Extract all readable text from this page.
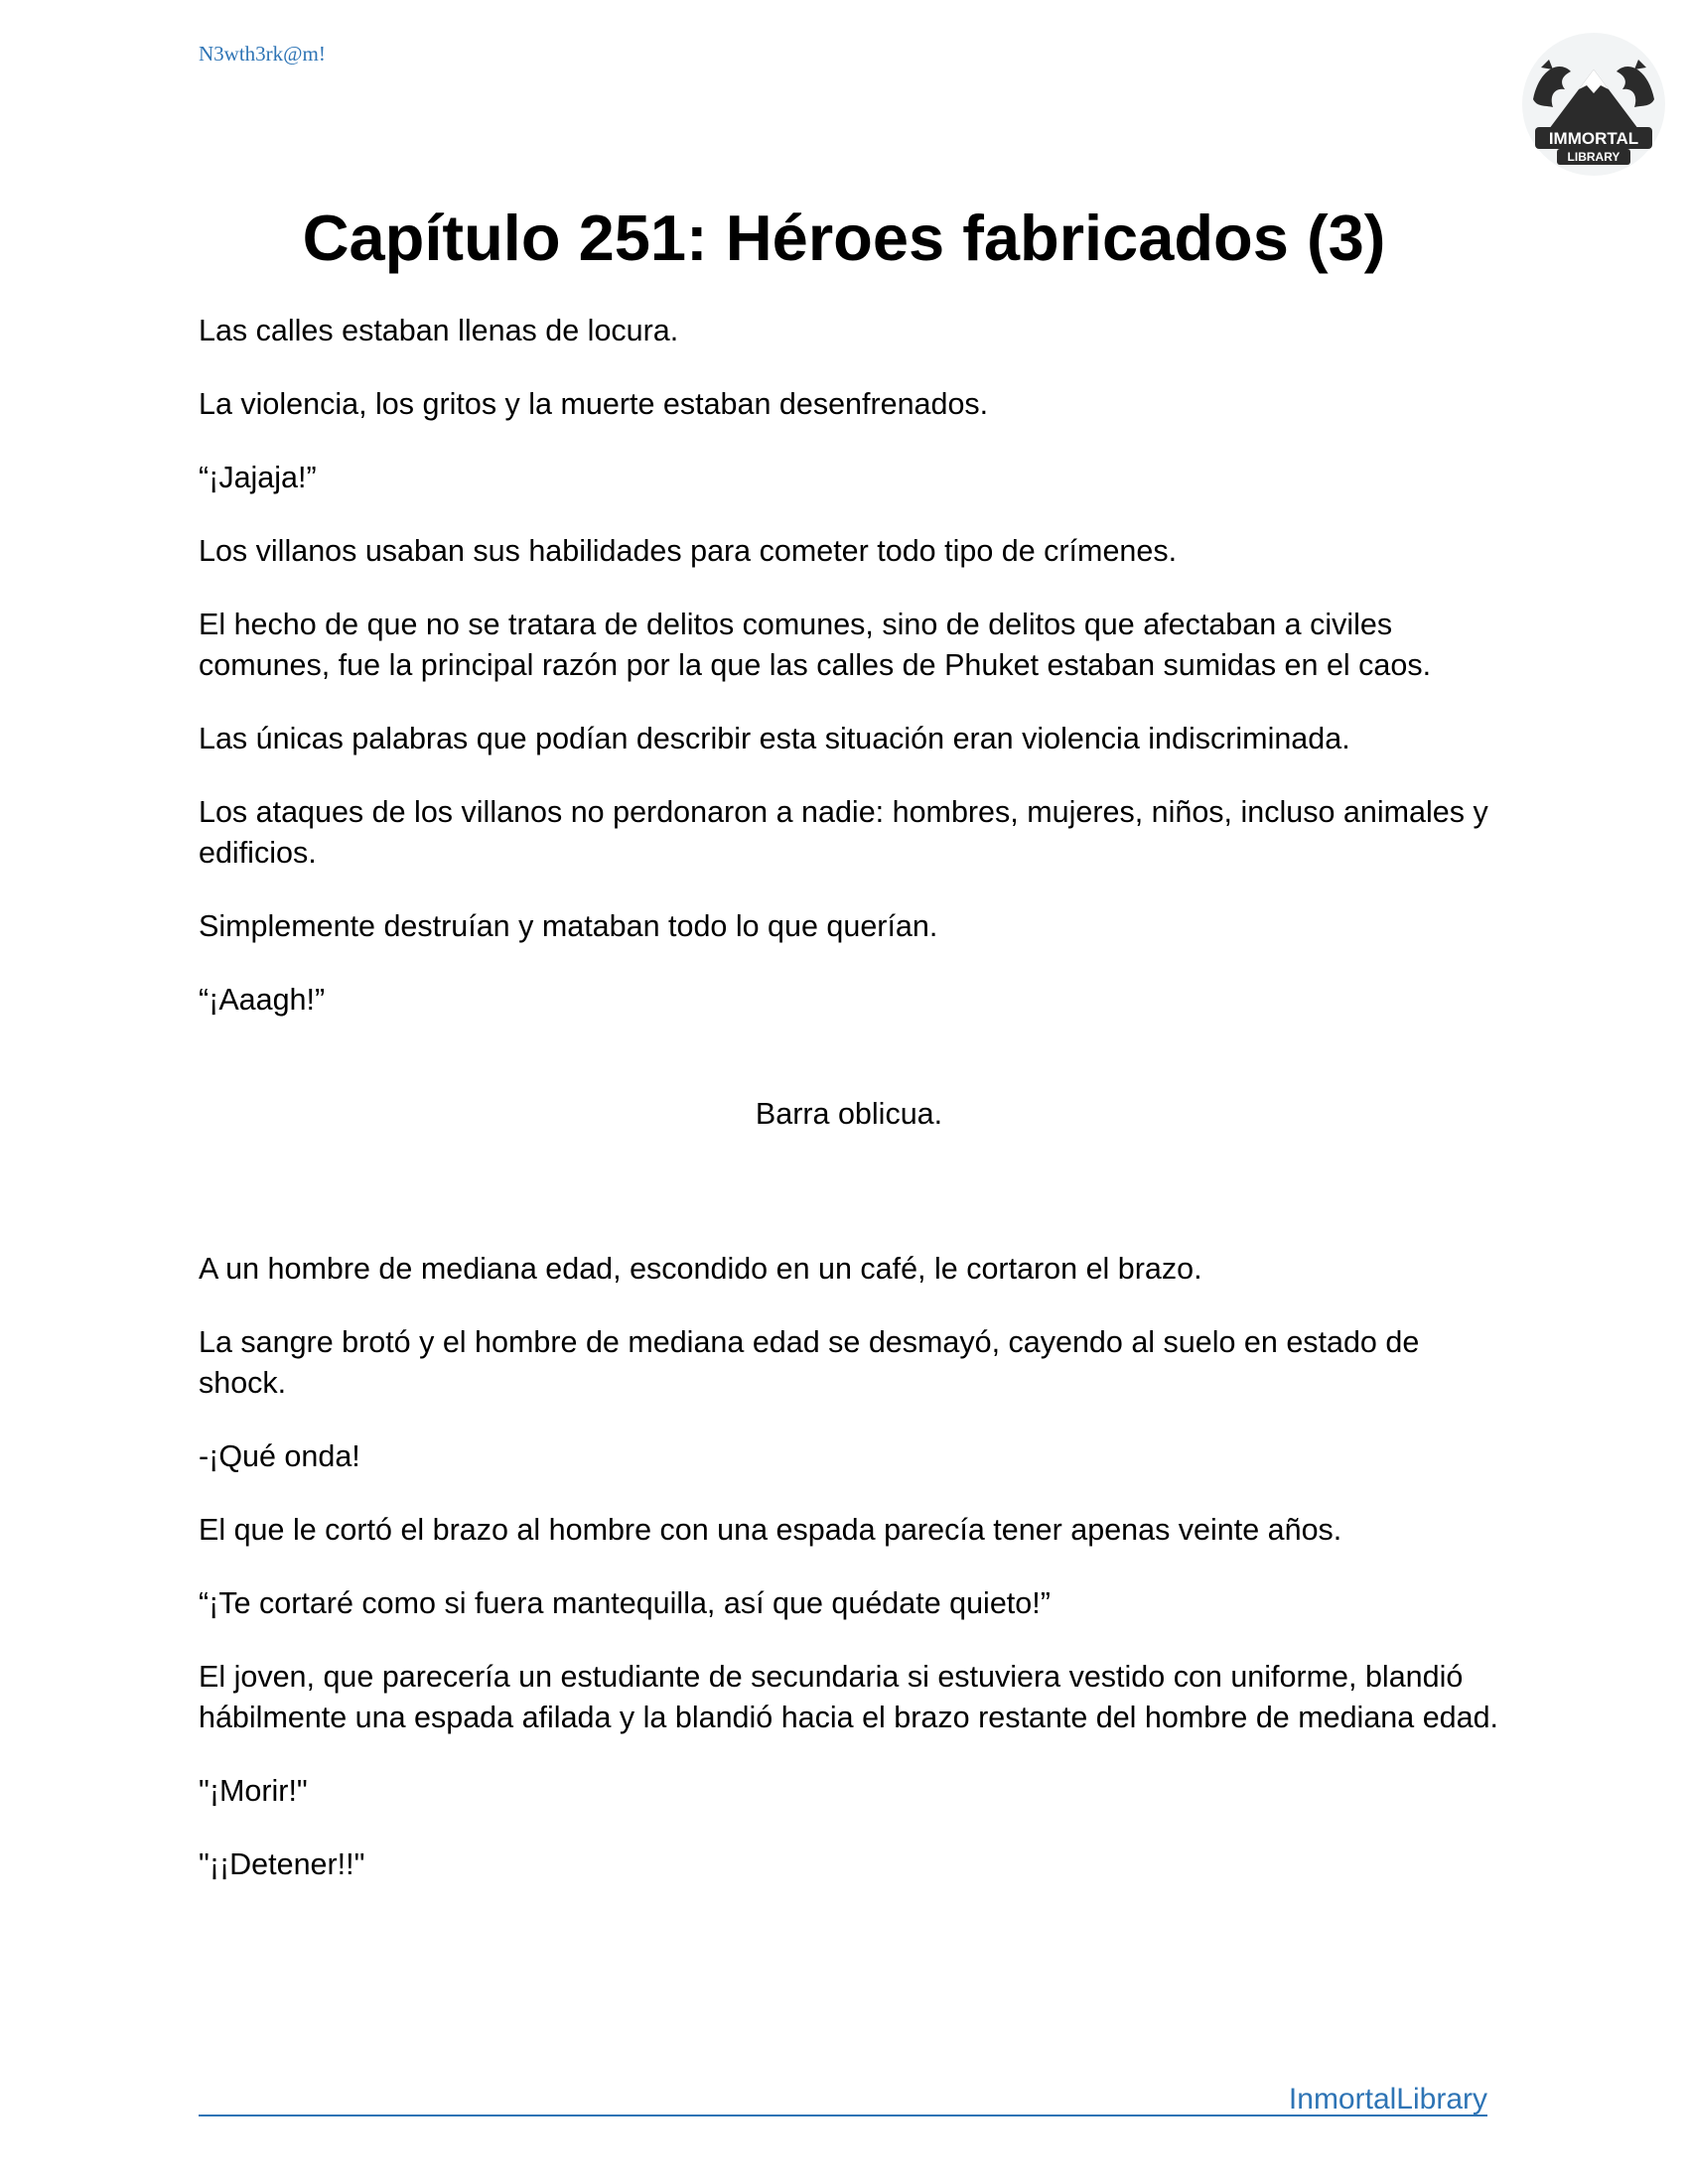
N3wth3rk@m!
IMMORTAL
LIBRARY
Capítulo 251: Héroes fabricados (3)

Las calles estaban llenas de locura.

La violencia, los gritos y la muerte estaban desenfrenados.

“¡Jajaja!”

Los villanos usaban sus habilidades para cometer todo tipo de crímenes.

El hecho de que no se tratara de delitos comunes, sino de delitos que afectaban a civiles comunes, fue la principal razón por la que las calles de Phuket estaban sumidas en el caos.

Las únicas palabras que podían describir esta situación eran violencia indiscriminada.

Los ataques de los villanos no perdonaron a nadie: hombres, mujeres, niños, incluso animales y edificios.

Simplemente destruían y mataban todo lo que querían.

“¡Aaagh!”

Barra oblicua.

A un hombre de mediana edad, escondido en un café, le cortaron el brazo.

La sangre brotó y el hombre de mediana edad se desmayó, cayendo al suelo en estado de shock.

-¡Qué onda!

El que le cortó el brazo al hombre con una espada parecía tener apenas veinte años.

“¡Te cortaré como si fuera mantequilla, así que quédate quieto!”

El joven, que parecería un estudiante de secundaria si estuviera vestido con uniforme, blandió hábilmente una espada afilada y la blandió hacia el brazo restante del hombre de mediana edad.

"¡Morir!"

"¡¡Detener!!"

InmortalLibrary
